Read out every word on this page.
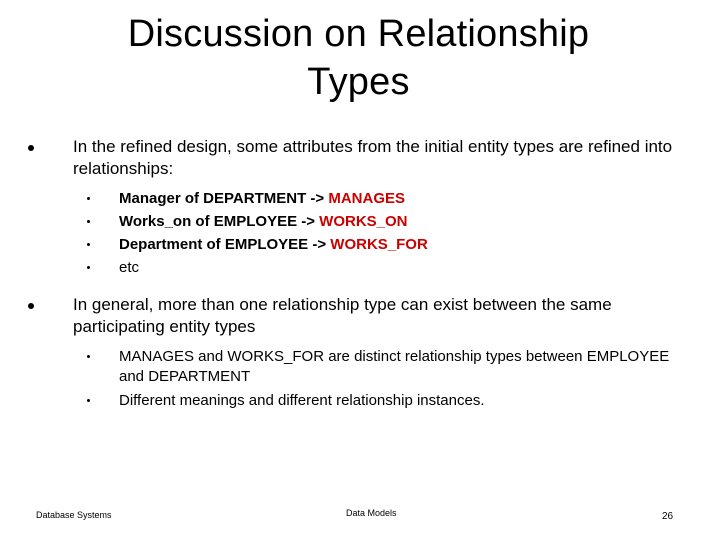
Discussion on Relationship
Types
In the refined design, some attributes from the initial entity types are refined into relationships:
Manager of DEPARTMENT -> MANAGES
Works_on of EMPLOYEE -> WORKS_ON
Department of EMPLOYEE -> WORKS_FOR
etc
In general, more than one relationship type can exist between the same participating entity types
MANAGES and WORKS_FOR are distinct relationship types between EMPLOYEE and DEPARTMENT
Different meanings and different relationship instances.
Database Systems	Data Models	26
